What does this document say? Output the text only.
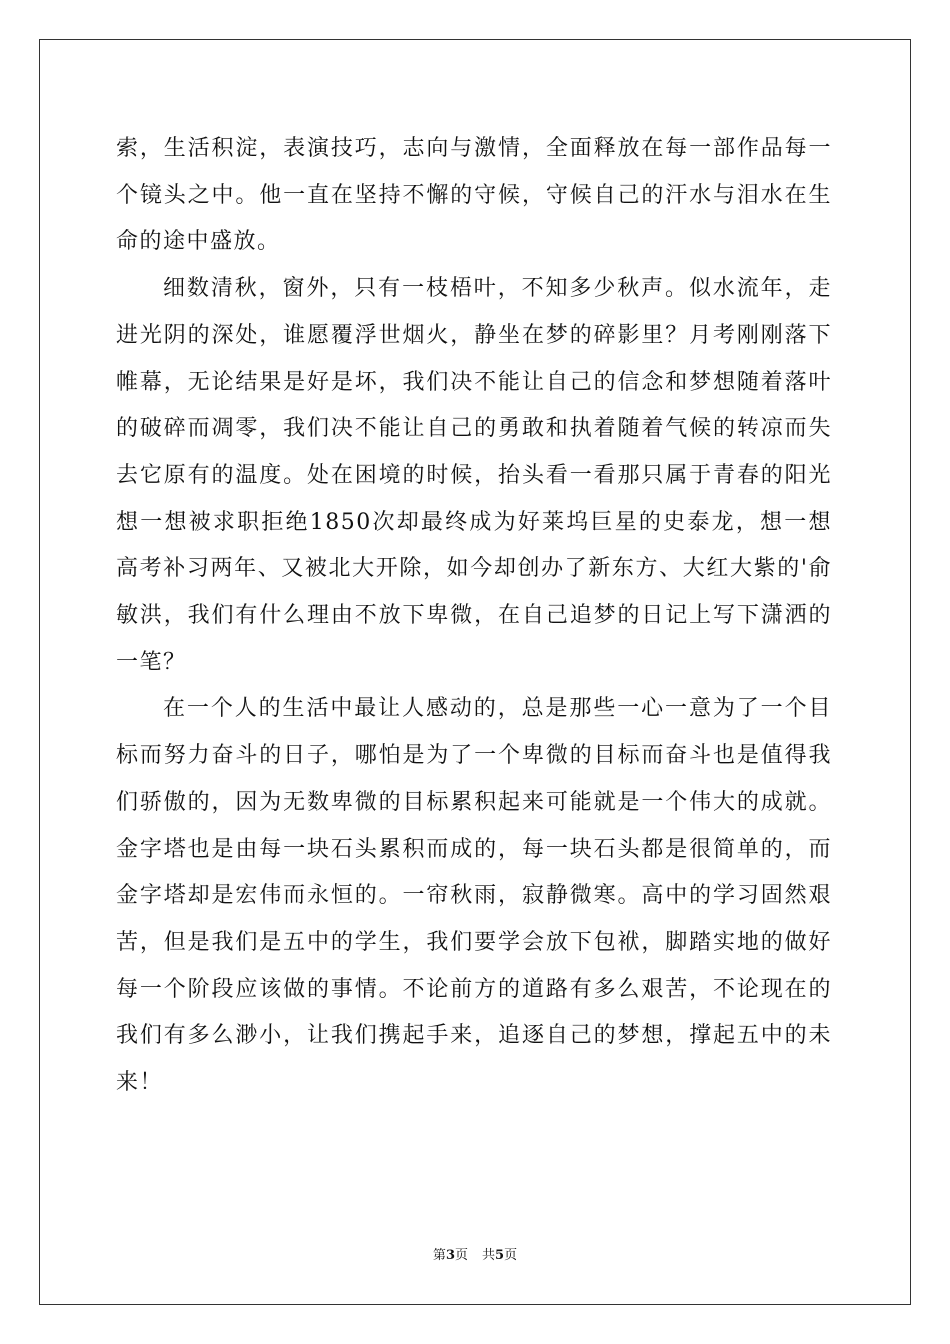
索，生活积淀，表演技巧，志向与激情，全面释放在每一部作品每一个镜头之中。他一直在坚持不懈的守候，守候自己的汗水与泪水在生命的途中盛放。

细数清秋，窗外，只有一枝梧叶，不知多少秋声。似水流年，走进光阴的深处，谁愿覆浮世烟火，静坐在梦的碎影里？月考刚刚落下帷幕，无论结果是好是坏，我们决不能让自己的信念和梦想随着落叶的破碎而凋零，我们决不能让自己的勇敢和执着随着气候的转凉而失去它原有的温度。处在困境的时候，抬头看一看那只属于青春的阳光想一想被求职拒绝1850次却最终成为好莱坞巨星的史泰龙，想一想高考补习两年、又被北大开除，如今却创办了新东方、大红大紫的'俞敏洪，我们有什么理由不放下卑微，在自己追梦的日记上写下潇洒的一笔？

在一个人的生活中最让人感动的，总是那些一心一意为了一个目标而努力奋斗的日子，哪怕是为了一个卑微的目标而奋斗也是值得我们骄傲的，因为无数卑微的目标累积起来可能就是一个伟大的成就。金字塔也是由每一块石头累积而成的，每一块石头都是很简单的，而金字塔却是宏伟而永恒的。一帘秋雨，寂静微寒。高中的学习固然艰苦，但是我们是五中的学生，我们要学会放下包袱，脚踏实地的做好每一个阶段应该做的事情。不论前方的道路有多么艰苦，不论现在的我们有多么渺小，让我们携起手来，追逐自己的梦想，撑起五中的未来！

第3页 共5页
